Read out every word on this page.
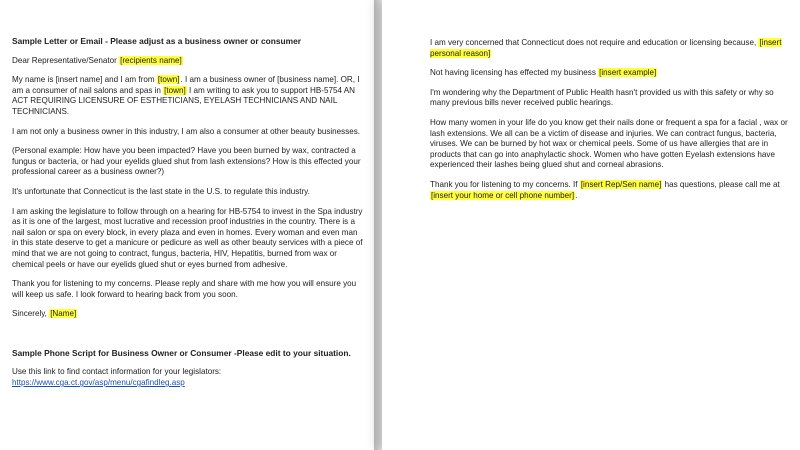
Sample Letter or Email - Please adjust as a business owner or consumer

Dear Representative/Senator [recipients name]

My name is [insert name] and I am from [town]. I am a business owner of [business name]. OR, I am a consumer of nail salons and spas in [town] I am writing to ask you to support HB-5754 AN ACT REQUIRING LICENSURE OF ESTHETICIANS, EYELASH TECHNICIANS AND NAIL TECHNICIANS.

I am not only a business owner in this industry, I am also a consumer at other beauty businesses.

(Personal example: How have you been impacted? Have you been burned by wax, contracted a fungus or bacteria, or had your eyelids glued shut from lash extensions? How is this effected your professional career as a business owner?)

It's unfortunate that Connecticut is the last state in the U.S. to regulate this industry.

I am asking the legislature to follow through on a hearing for HB-5754 to invest in the Spa industry as it is one of the largest, most lucrative and recession proof industries in the country. There is a nail salon or spa on every block, in every plaza and even in homes. Every woman and even man in this state deserve to get a manicure or pedicure as well as other beauty services with a piece of mind that we are not going to contract, fungus, bacteria, HIV, Hepatitis, burned from wax or chemical peels or have our eyelids glued shut or eyes burned from adhesive.

Thank you for listening to my concerns. Please reply and share with me how you will ensure you will keep us safe. I look forward to hearing back from you soon.

Sincerely, [Name]

Sample Phone Script for Business Owner or Consumer -Please edit to your situation.

Use this link to find contact information for your legislators: https://www.cga.ct.gov/asp/menu/cgafindleg.asp

I am very concerned that Connecticut does not require and education or licensing because, [insert personal reason]

Not having licensing has effected my business [insert example]

I'm wondering why the Department of Public Health hasn't provided us with this safety or why so many previous bills never received public hearings.

How many women in your life do you know get their nails done or frequent a spa for a facial , wax or lash extensions. We all can be a victim of disease and injuries. We can contract fungus, bacteria, viruses. We can be burned by hot wax or chemical peels. Some of us have allergies that are in products that can go into anaphylactic shock. Women who have gotten Eyelash extensions have experienced their lashes being glued shut and corneal abrasions.

Thank you for listening to my concerns. If [insert Rep/Sen name] has questions, please call me at [insert your home or cell phone number].
